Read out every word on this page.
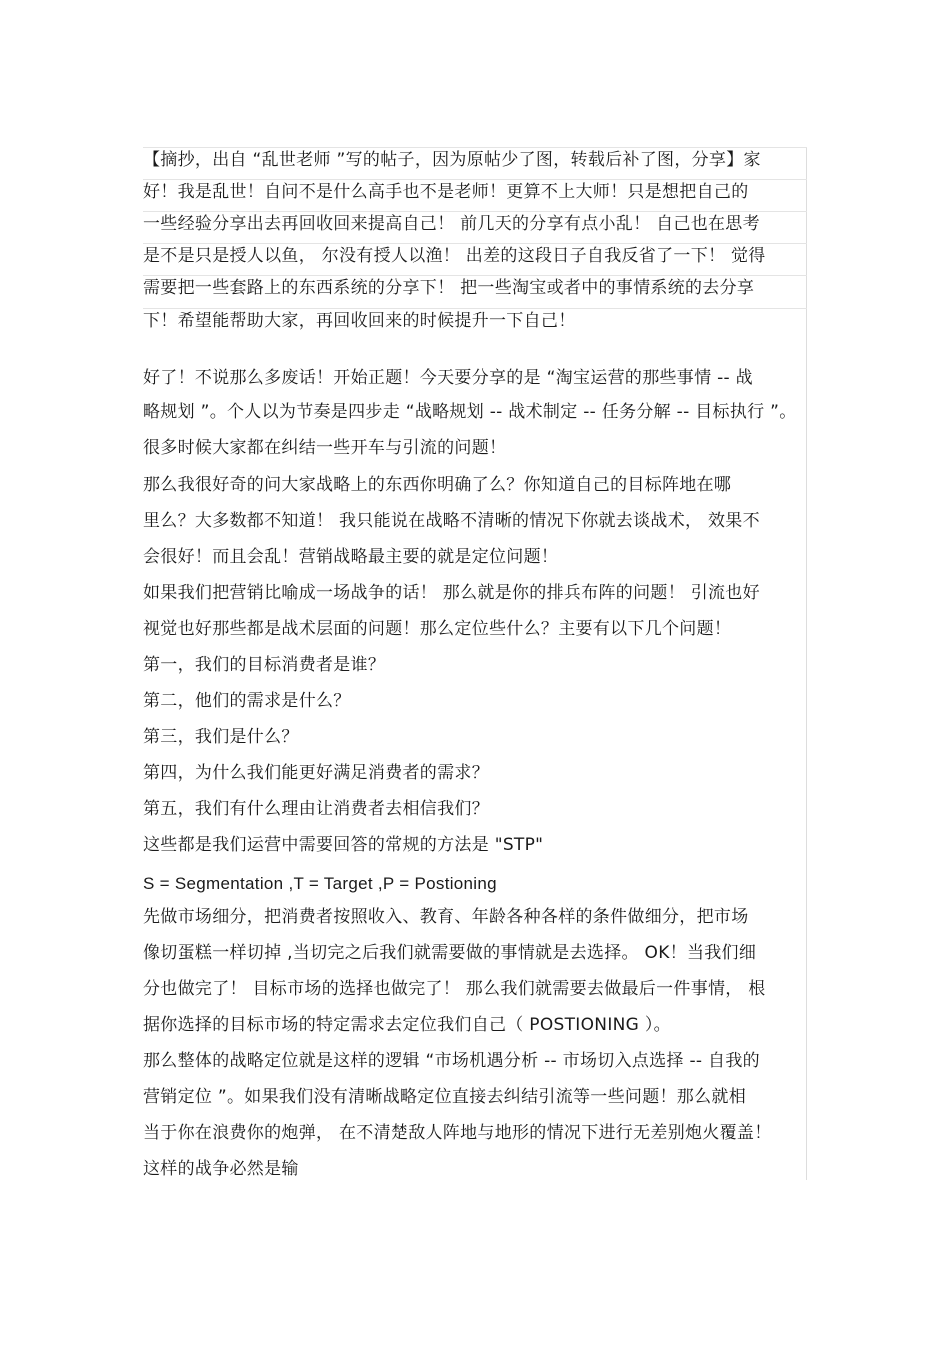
【摘抄，出自 “乱世老师 ”写的帖子，因为原帖少了图，转载后补了图，分享】家
好！我是乱世！自问不是什么高手也不是老师！更算不上大师！只是想把自己的
一些经验分享出去再回收回来提高自己！ 前几天的分享有点小乱！ 自己也在思考
是不是只是授人以鱼， 尔没有授人以渔！ 出差的这段日子自我反省了一下！ 觉得
需要把一些套路上的东西系统的分享下！ 把一些淘宝或者中的事情系统的去分享
下！希望能帮助大家，再回收回来的时候提升一下自己！
好了！不说那么多废话！开始正题！今天要分享的是 “淘宝运营的那些事情 -- 战
略规划 ”。个人以为节奏是四步走 “战略规划 -- 战术制定 -- 任务分解 -- 目标执行 ”。
很多时候大家都在纠结一些开车与引流的问题！
那么我很好奇的问大家战略上的东西你明确了么？你知道自己的目标阵地在哪
里么？大多数都不知道！ 我只能说在战略不清晰的情况下你就去谈战术， 效果不
会很好！而且会乱！营销战略最主要的就是定位问题！
如果我们把营销比喻成一场战争的话！ 那么就是你的排兵布阵的问题！ 引流也好
视觉也好那些都是战术层面的问题！那么定位些什么？主要有以下几个问题！
第一，我们的目标消费者是谁？
第二，他们的需求是什么？
第三，我们是什么？
第四，为什么我们能更好满足消费者的需求？
第五，我们有什么理由让消费者去相信我们？
这些都是我们运营中需要回答的常规的方法是 "STP"
S = Segmentation ,T = Target ,P = Postioning
先做市场细分，把消费者按照收入、教育、年龄各种各样的条件做细分，把市场
像切蛋糕一样切掉 ,当切完之后我们就需要做的事情就是去选择。 OK！当我们细
分也做完了！ 目标市场的选择也做完了！ 那么我们就需要去做最后一件事情， 根
据你选择的目标市场的特定需求去定位我们自己（ POSTIONING ）。
那么整体的战略定位就是这样的逻辑 “市场机遇分析 -- 市场切入点选择 -- 自我的
营销定位 ”。如果我们没有清晰战略定位直接去纠结引流等一些问题！那么就相
当于你在浪费你的炮弹， 在不清楚敌人阵地与地形的情况下进行无差别炮火覆盖！
这样的战争必然是输
